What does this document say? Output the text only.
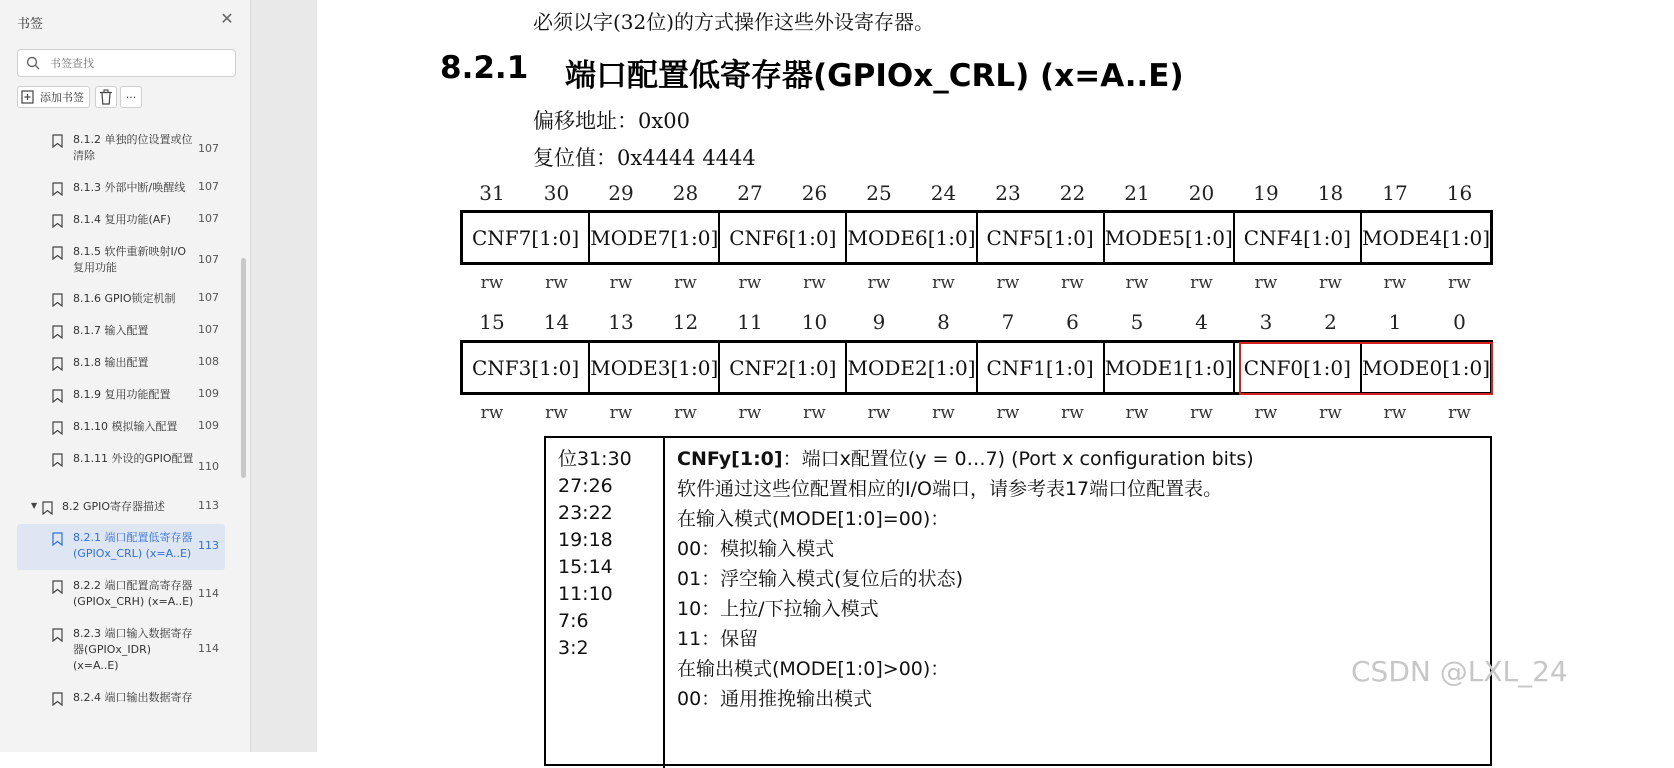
书签	✕
书签查找
添加书签	···
8.1.2 单独的位设置或位清除
107
8.1.3 外部中断/唤醒线	107
8.1.4 复用功能(AF)	107
8.1.5 软件重新映射I/O复用功能
107
8.1.6 GPIO锁定机制	107
8.1.7 输入配置	107
8.1.8 输出配置	108
8.1.9 复用功能配置	109
8.1.10 模拟输入配置	109
8.1.11 外设的GPIO配置
110
▼ 8.2 GPIO寄存器描述	113
8.2.1 端口配置低寄存器(GPIOx_CRL) (x=A..E)
113
8.2.2 端口配置高寄存器(GPIOx_CRH) (x=A..E)
114
8.2.3 端口输入数据寄存器(GPIOx_IDR) (x=A..E)
114
8.2.4 端口输出数据寄存
必须以字(32位)的方式操作这些外设寄存器。
8.2.1 端口配置低寄存器(GPIOx_CRL) (x=A..E)
偏移地址：0x00
复位值：0x4444 4444
31	30	29	28	27	26	25	24	23	22	21	20	19	18	17	16
CNF7[1:0] MODE7[1:0] CNF6[1:0] MODE6[1:0] CNF5[1:0] MODE5[1:0] CNF4[1:0] MODE4[1:0]
rw	rw	rw	rw	rw	rw	rw	rw	rw	rw	rw	rw	rw	rw	rw	rw
15	14	13	12	11	10	9	8	7	6	5	4	3	2	1	0
CNF3[1:0] MODE3[1:0] CNF2[1:0] MODE2[1:0] CNF1[1:0] MODE1[1:0] CNF0[1:0] MODE0[1:0]
rw	rw	rw	rw	rw	rw	rw	rw	rw	rw	rw	rw	rw	rw	rw	rw
位31:30
27:26
23:22
19:18
15:14
11:10
7:6
3:2
CNFy[1:0]：端口x配置位(y = 0…7) (Port x configuration bits)
软件通过这些位配置相应的I/O端口，请参考表17端口位配置表。
在输入模式(MODE[1:0]=00)：
00：模拟输入模式
01：浮空输入模式(复位后的状态)
10：上拉/下拉输入模式
11：保留
在输出模式(MODE[1:0]>00)：
00：通用推挽输出模式
CSDN @LXL_24
